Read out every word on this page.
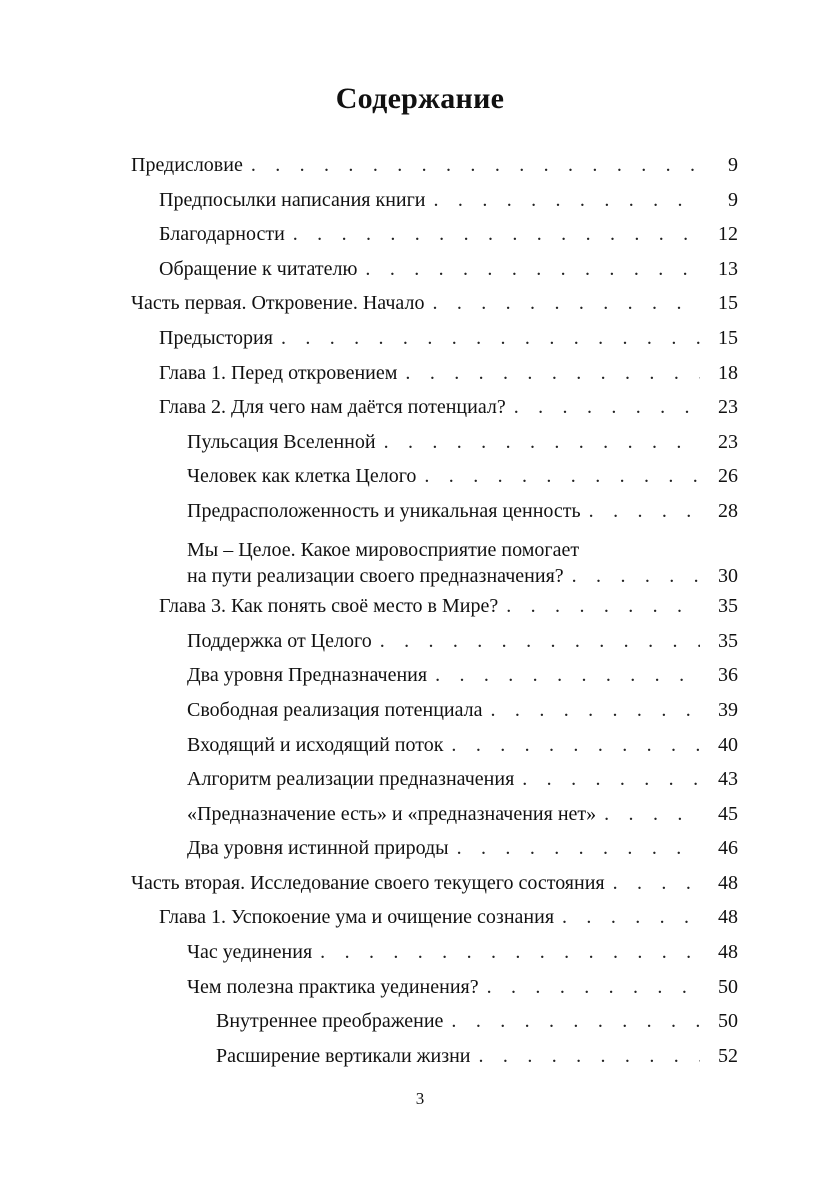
Содержание
Предисловие . . .	9
Предпосылки написания книги . . .	9
Благодарности . . .	12
Обращение к читателю . . .	13
Часть первая. Откровение. Начало . . .	15
Предыстория . . .	15
Глава 1. Перед откровением . . .	18
Глава 2. Для чего нам даётся потенциал? . . .	23
Пульсация Вселенной . . .	23
Человек как клетка Целого . . .	26
Предрасположенность и уникальная ценность . . .	28
Мы – Целое. Какое мировосприятие помогает
на пути реализации своего предназначения? . . .	30
Глава 3. Как понять своё место в Мире? . . .	35
Поддержка от Целого . . .	35
Два уровня Предназначения . . .	36
Свободная реализация потенциала . . .	39
Входящий и исходящий поток . . .	40
Алгоритм реализации предназначения . . .	43
«Предназначение есть» и «предназначения нет» . . .	45
Два уровня истинной природы . . .	46
Часть вторая. Исследование своего текущего состояния . . .	48
Глава 1. Успокоение ума и очищение сознания . . .	48
Час уединения . . .	48
Чем полезна практика уединения? . . .	50
Внутреннее преображение . . .	50
Расширение вертикали жизни . . .	52
3
